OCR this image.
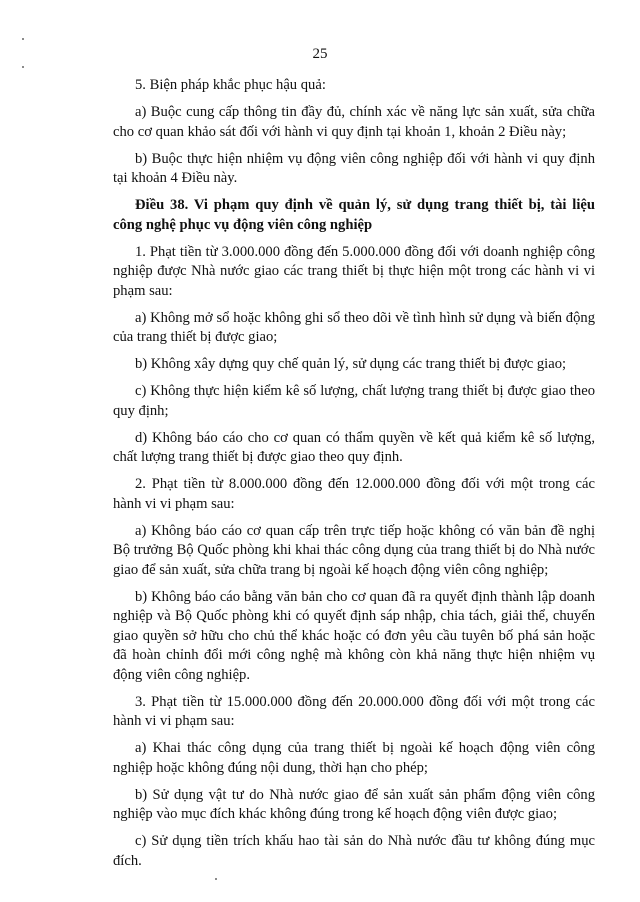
25

5. Biện pháp khắc phục hậu quả:

a) Buộc cung cấp thông tin đầy đủ, chính xác về năng lực sản xuất, sửa chữa cho cơ quan khảo sát đối với hành vi quy định tại khoản 1, khoản 2 Điều này;

b) Buộc thực hiện nhiệm vụ động viên công nghiệp đối với hành vi quy định tại khoản 4 Điều này.

Điều 38. Vi phạm quy định về quản lý, sử dụng trang thiết bị, tài liệu công nghệ phục vụ động viên công nghiệp

1. Phạt tiền từ 3.000.000 đồng đến 5.000.000 đồng đối với doanh nghiệp công nghiệp được Nhà nước giao các trang thiết bị thực hiện một trong các hành vi vi phạm sau:

a) Không mở sổ hoặc không ghi sổ theo dõi về tình hình sử dụng và biến động của trang thiết bị được giao;

b) Không xây dựng quy chế quản lý, sử dụng các trang thiết bị được giao;

c) Không thực hiện kiểm kê số lượng, chất lượng trang thiết bị được giao theo quy định;

d) Không báo cáo cho cơ quan có thẩm quyền về kết quả kiểm kê số lượng, chất lượng trang thiết bị được giao theo quy định.

2. Phạt tiền từ 8.000.000 đồng đến 12.000.000 đồng đối với một trong các hành vi vi phạm sau:

a) Không báo cáo cơ quan cấp trên trực tiếp hoặc không có văn bản đề nghị Bộ trưởng Bộ Quốc phòng khi khai thác công dụng của trang thiết bị do Nhà nước giao để sản xuất, sửa chữa trang bị ngoài kế hoạch động viên công nghiệp;

b) Không báo cáo bằng văn bản cho cơ quan đã ra quyết định thành lập doanh nghiệp và Bộ Quốc phòng khi có quyết định sáp nhập, chia tách, giải thể, chuyển giao quyền sở hữu cho chủ thể khác hoặc có đơn yêu cầu tuyên bố phá sản hoặc đã hoàn chỉnh đổi mới công nghệ mà không còn khả năng thực hiện nhiệm vụ động viên công nghiệp.

3. Phạt tiền từ 15.000.000 đồng đến 20.000.000 đồng đối với một trong các hành vi vi phạm sau:

a) Khai thác công dụng của trang thiết bị ngoài kế hoạch động viên công nghiệp hoặc không đúng nội dung, thời hạn cho phép;

b) Sử dụng vật tư do Nhà nước giao để sản xuất sản phẩm động viên công nghiệp vào mục đích khác không đúng trong kế hoạch động viên được giao;

c) Sử dụng tiền trích khấu hao tài sản do Nhà nước đầu tư không đúng mục đích.
